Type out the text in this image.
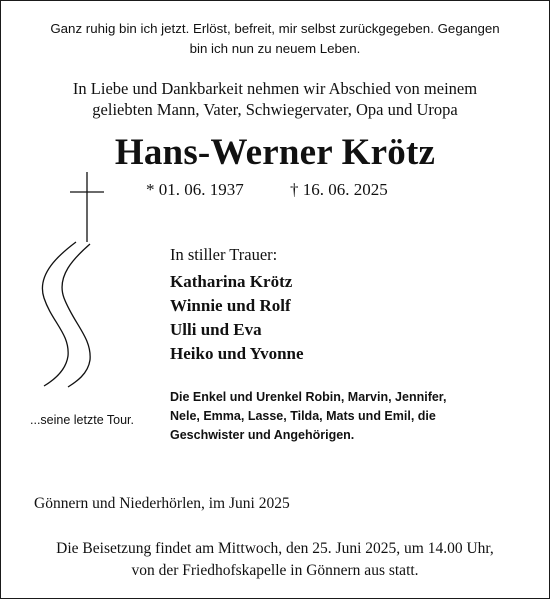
Ganz ruhig bin ich jetzt. Erlöst, befreit, mir selbst zurückgegeben. Gegangen
bin ich nun zu neuem Leben.
In Liebe und Dankbarkeit nehmen wir Abschied von meinem
geliebten Mann, Vater, Schwiegervater, Opa und Uropa
Hans-Werner Krötz
* 01. 06. 1937	† 16. 06. 2025
...seine letzte Tour.
In stiller Trauer:
Katharina Krötz
Winnie und Rolf
Ulli und Eva
Heiko und Yvonne
Die Enkel und Urenkel Robin, Marvin, Jennifer,
Nele, Emma, Lasse, Tilda, Mats und Emil, die
Geschwister und Angehörigen.
Gönnern und Niederhörlen, im Juni 2025
Die Beisetzung findet am Mittwoch, den 25. Juni 2025, um 14.00 Uhr,
von der Friedhofskapelle in Gönnern aus statt.
